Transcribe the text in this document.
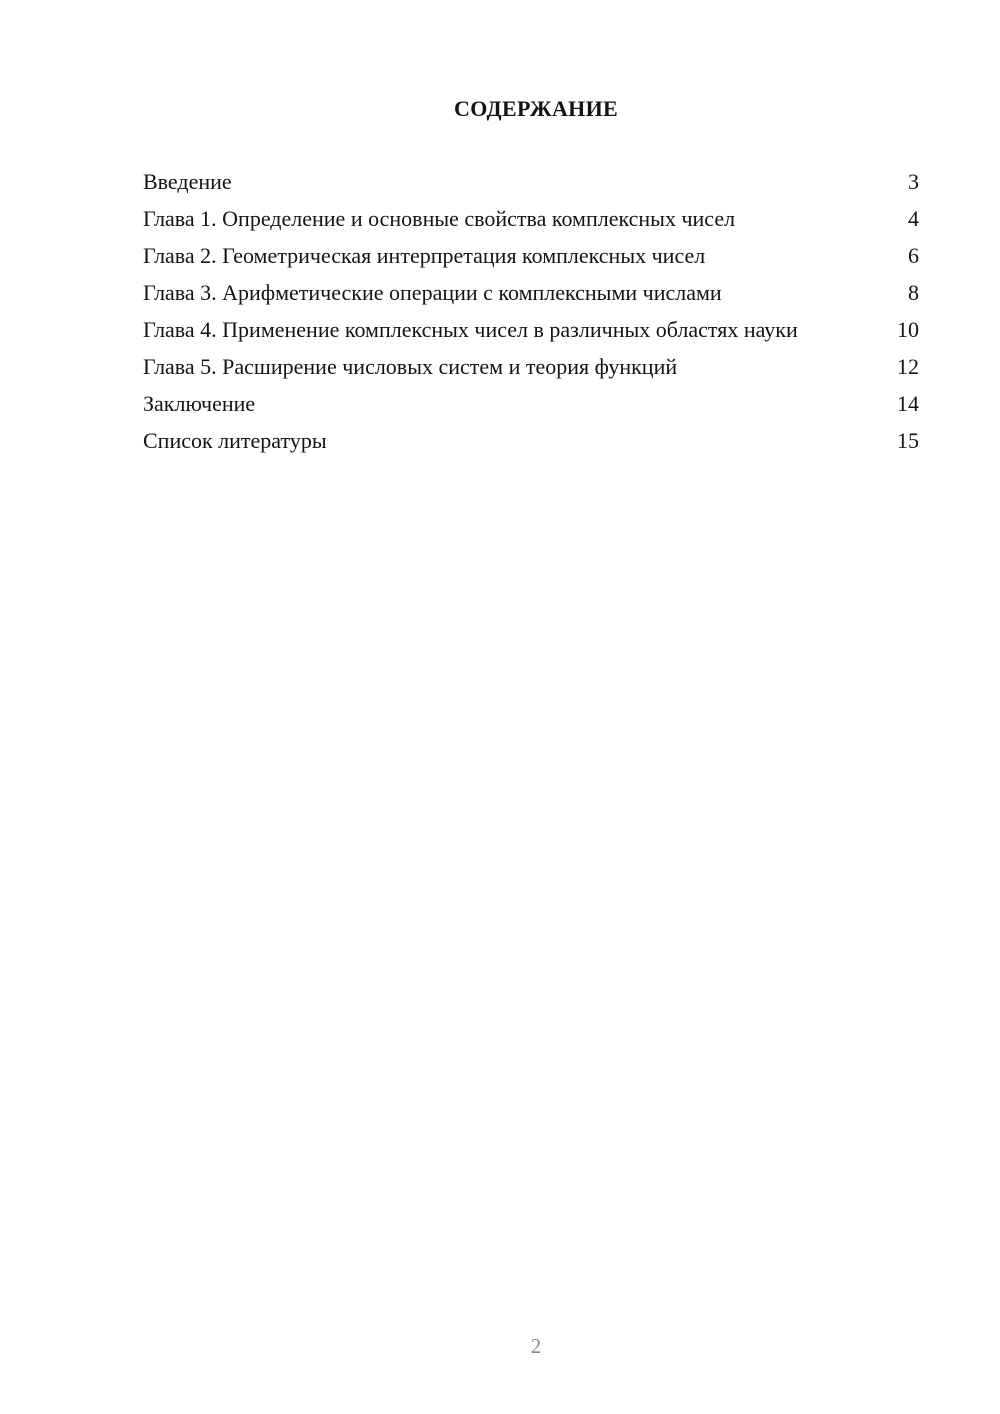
СОДЕРЖАНИЕ
Введение	3
Глава 1. Определение и основные свойства комплексных чисел	4
Глава 2. Геометрическая интерпретация комплексных чисел	6
Глава 3. Арифметические операции с комплексными числами	8
Глава 4. Применение комплексных чисел в различных областях науки	10
Глава 5. Расширение числовых систем и теория функций	12
Заключение	14
Список литературы	15
2
